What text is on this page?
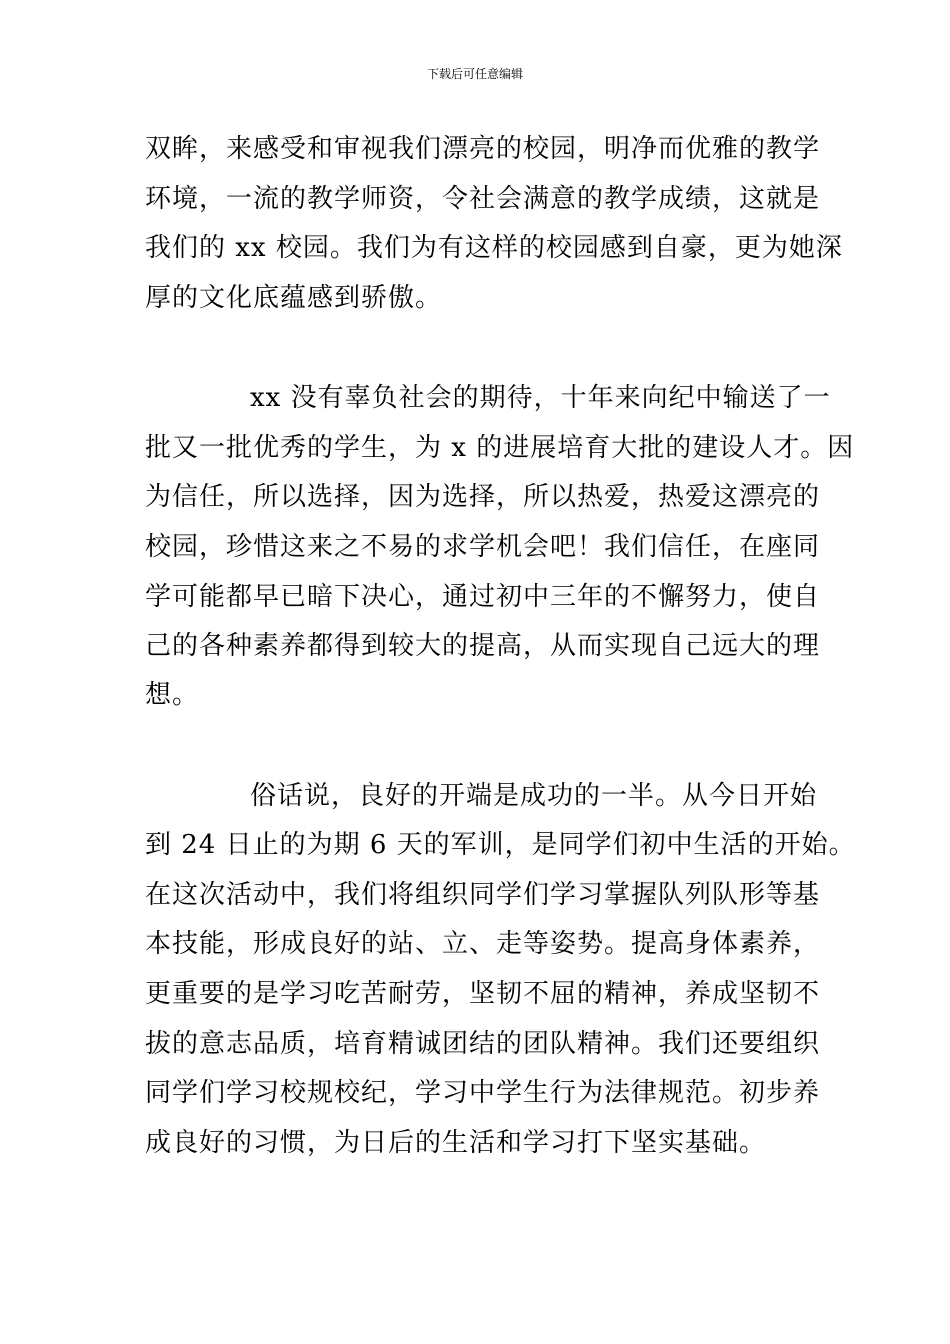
下载后可任意编辑
双眸，来感受和审视我们漂亮的校园，明净而优雅的教学
环境，一流的教学师资，令社会满意的教学成绩，这就是
我们的 xx 校园。我们为有这样的校园感到自豪，更为她深
厚的文化底蕴感到骄傲。
xx 没有辜负社会的期待，十年来向纪中输送了一
批又一批优秀的学生，为 x 的进展培育大批的建设人才。因
为信任，所以选择，因为选择，所以热爱，热爱这漂亮的
校园，珍惜这来之不易的求学机会吧！我们信任，在座同
学可能都早已暗下决心，通过初中三年的不懈努力，使自
己的各种素养都得到较大的提高，从而实现自己远大的理
想。
俗话说，良好的开端是成功的一半。从今日开始
到 24 日止的为期 6 天的军训，是同学们初中生活的开始。
在这次活动中，我们将组织同学们学习掌握队列队形等基
本技能，形成良好的站、立、走等姿势。提高身体素养，
更重要的是学习吃苦耐劳，坚韧不屈的精神，养成坚韧不
拔的意志品质，培育精诚团结的团队精神。我们还要组织
同学们学习校规校纪，学习中学生行为法律规范。初步养
成良好的习惯，为日后的生活和学习打下坚实基础。
